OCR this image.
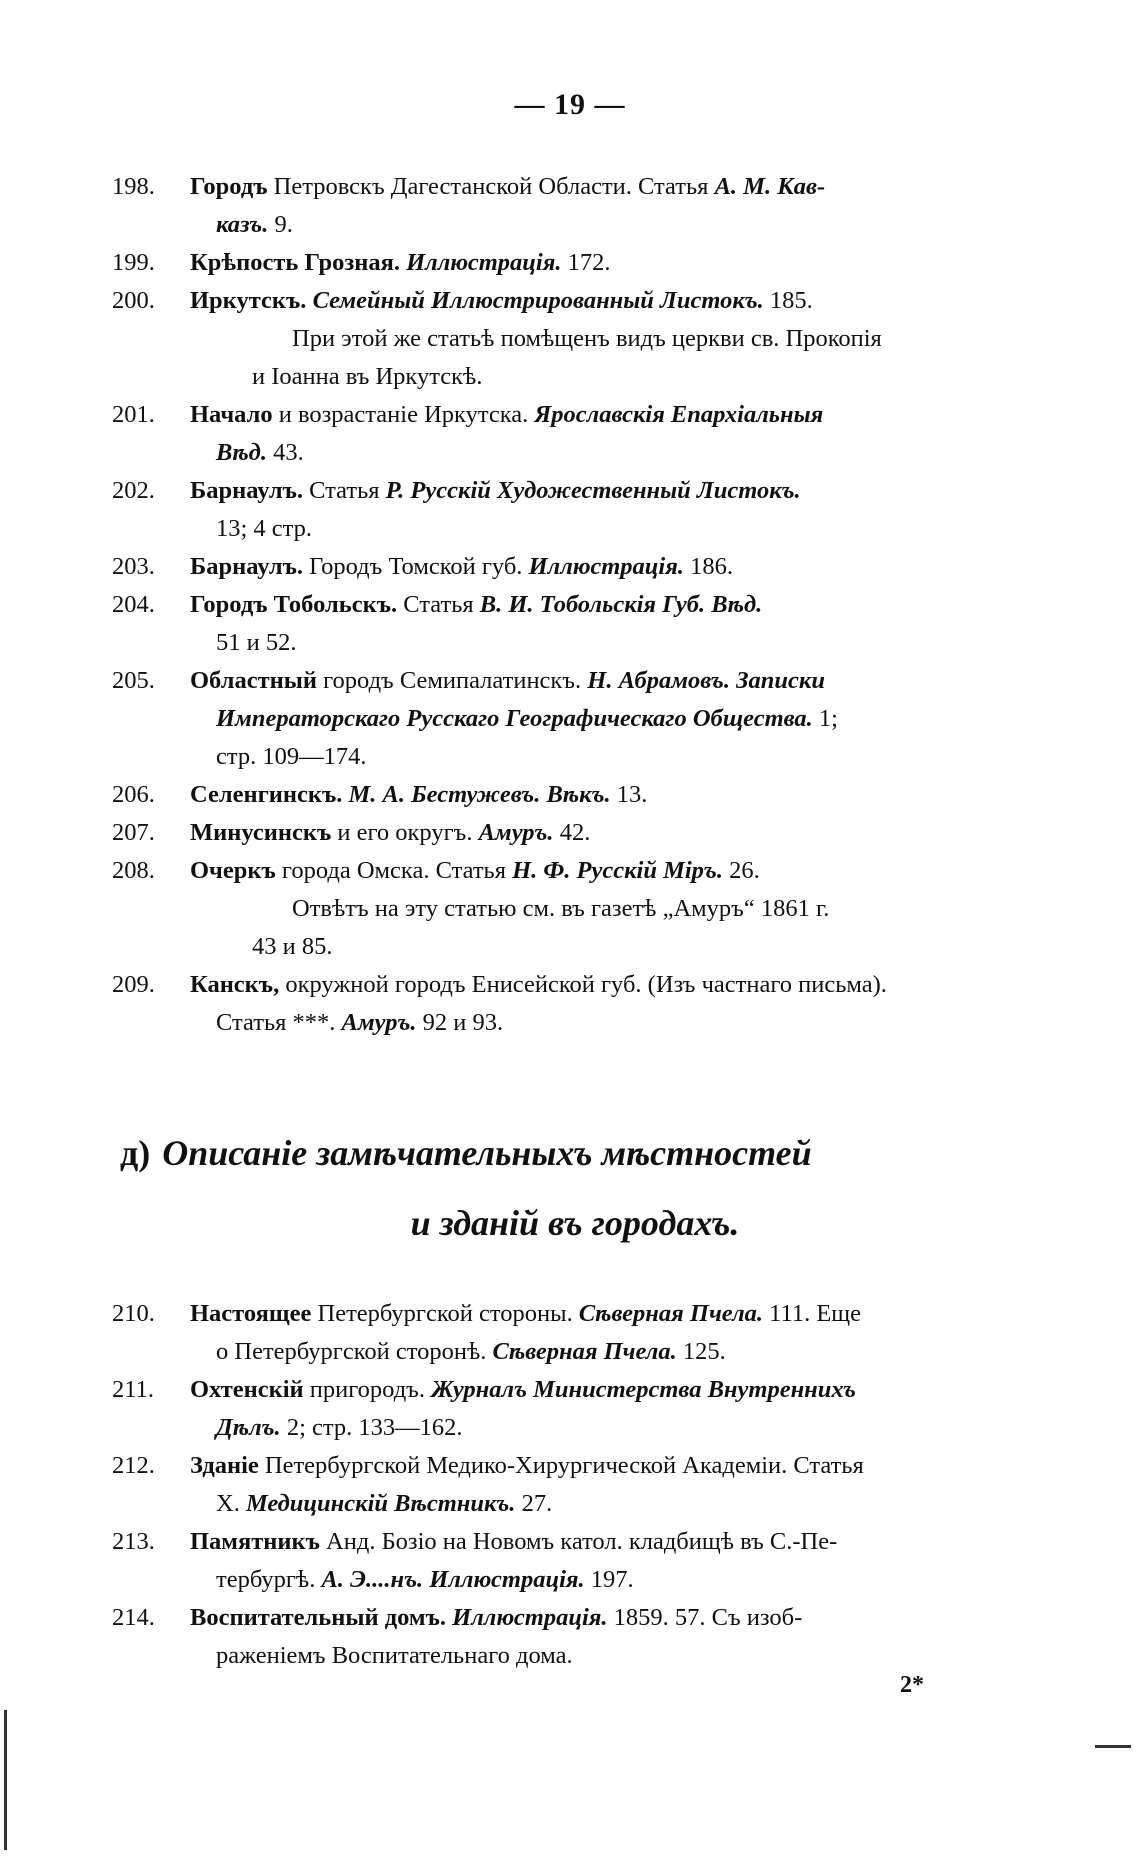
— 19 —
198. Городъ Петровскъ Дагестанской Области. Статья А. М. Кав-
казъ. 9.
199. Крѣпость Грозная. Иллюстрація. 172.
200. Иркутскъ. Семейный Иллюстрированный Листокъ. 185.
При этой же статьѣ помѣщенъ видъ церкви св. Прокопія
и Іоанна въ Иркутскѣ.
201. Начало и возрастаніе Иркутска. Ярославскія Епархіальныя
Вѣд. 43.
202. Барнаулъ. Статья Р. Русскій Художественный Листокъ.
13; 4 стр.
203. Барнаулъ. Городъ Томской губ. Иллюстрація. 186.
204. Городъ Тобольскъ. Статья В. И. Тобольскія Губ. Вѣд.
51 и 52.
205. Областный городъ Семипалатинскъ. Н. Абрамовъ. Записки
Императорскаго Русскаго Географическаго Общества. 1;
стр. 109—174.
206. Селенгинскъ. М. А. Бестужевъ. Вѣкъ. 13.
207. Минусинскъ и его округъ. Амуръ. 42.
208. Очеркъ города Омска. Статья Н. Ф. Русскій Міръ. 26.
Отвѣтъ на эту статью см. въ газетѣ „Амуръ“ 1861 г.
43 и 85.
209. Канскъ, окружной городъ Енисейской губ. (Изъ частнаго письма).
Статья ***. Амуръ. 92 и 93.
д) Описаніе замѣчательныхъ мѣстностей
и зданій въ городахъ.
210. Настоящее Петербургской стороны. Сѣверная Пчела. 111. Еще
о Петербургской сторонѣ. Сѣверная Пчела. 125.
211. Охтенскій пригородъ. Журналъ Министерства Внутреннихъ
Дѣлъ. 2; стр. 133—162.
212. Зданіе Петербургской Медико-Хирургической Академіи. Статья
Х. Медицинскій Вѣстникъ. 27.
213. Памятникъ Анд. Бозіо на Новомъ катол. кладбищѣ въ С.-Пе-
тербургѣ. А. Э....нъ. Иллюстрація. 197.
214. Воспитательный домъ. Иллюстрація. 1859. 57. Съ изоб-
раженіемъ Воспитательнаго дома.
2*
